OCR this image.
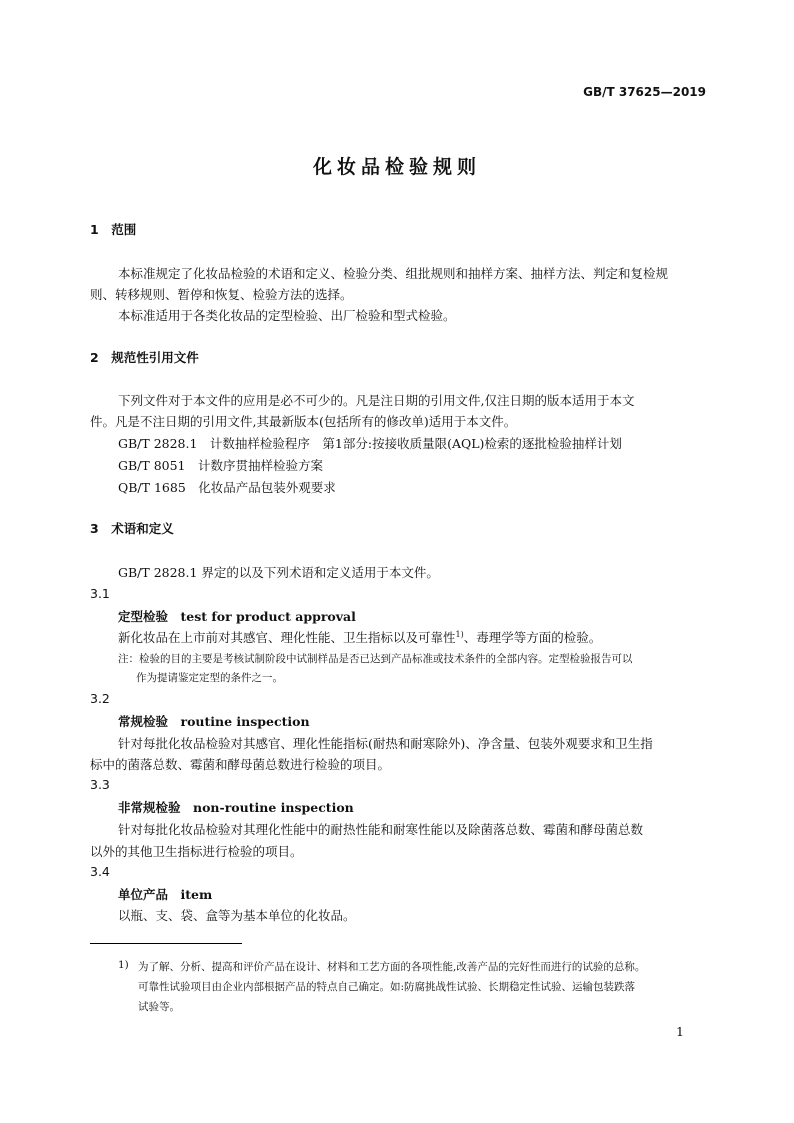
GB/T 37625—2019
化妆品检验规则
1　范围
本标准规定了化妆品检验的术语和定义、检验分类、组批规则和抽样方案、抽样方法、判定和复检规
则、转移规则、暂停和恢复、检验方法的选择。
本标准适用于各类化妆品的定型检验、出厂检验和型式检验。
2　规范性引用文件
下列文件对于本文件的应用是必不可少的。凡是注日期的引用文件,仅注日期的版本适用于本文
件。凡是不注日期的引用文件,其最新版本(包括所有的修改单)适用于本文件。
GB/T 2828.1　计数抽样检验程序　第1部分:按接收质量限(AQL)检索的逐批检验抽样计划
GB/T 8051　计数序贯抽样检验方案
QB/T 1685　化妆品产品包装外观要求
3　术语和定义
GB/T 2828.1 界定的以及下列术语和定义适用于本文件。
3.1
定型检验　test for product approval
新化妆品在上市前对其感官、理化性能、卫生指标以及可靠性$^{1)}$、毒理学等方面的检验。
注：检验的目的主要是考核试制阶段中试制样品是否已达到产品标准或技术条件的全部内容。定型检验报告可以
作为提请鉴定定型的条件之一。
3.2
常规检验　routine inspection
针对每批化妆品检验对其感官、理化性能指标(耐热和耐寒除外)、净含量、包装外观要求和卫生指
标中的菌落总数、霉菌和酵母菌总数进行检验的项目。
3.3
非常规检验　non-routine inspection
针对每批化妆品检验对其理化性能中的耐热性能和耐寒性能以及除菌落总数、霉菌和酵母菌总数
以外的其他卫生指标进行检验的项目。
3.4
单位产品　item
以瓶、支、袋、盒等为基本单位的化妆品。
1) 为了解、分析、提高和评价产品在设计、材料和工艺方面的各项性能,改善产品的完好性而进行的试验的总称。
可靠性试验项目由企业内部根据产品的特点自己确定。如:防腐挑战性试验、长期稳定性试验、运输包装跌落
试验等。
1
